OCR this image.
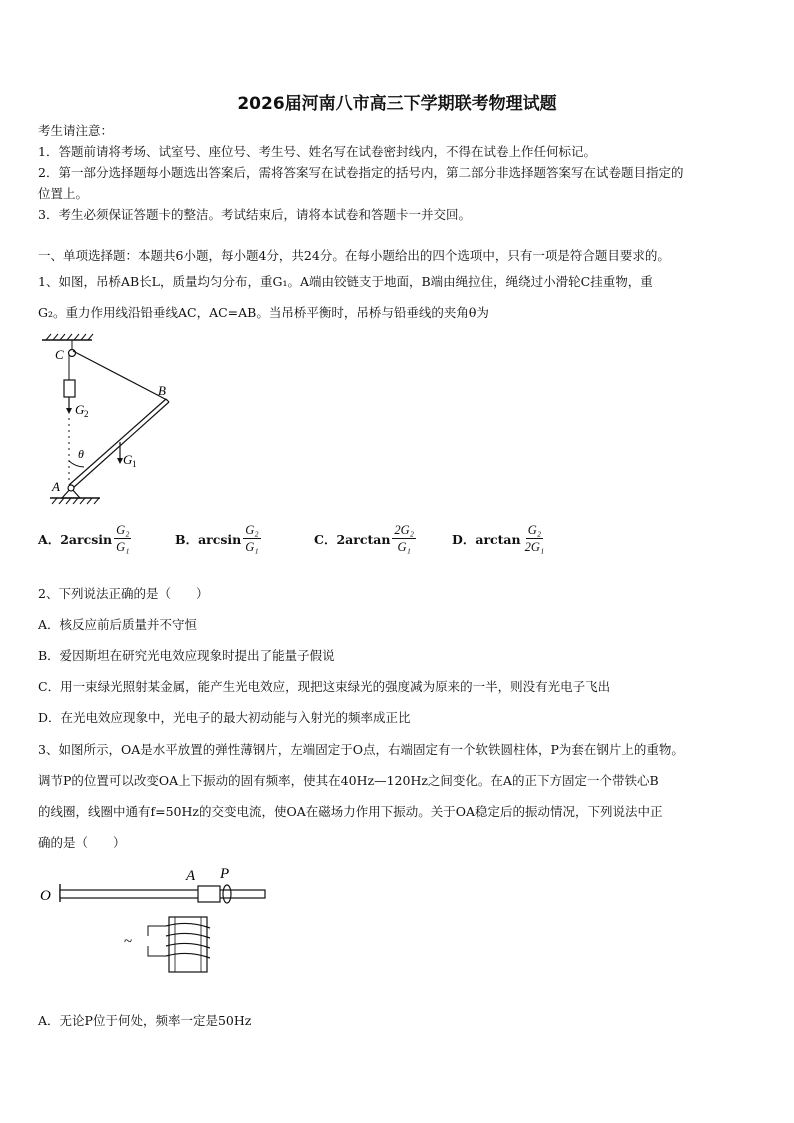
2026届河南八市高三下学期联考物理试题
考生请注意：
1．答题前请将考场、试室号、座位号、考生号、姓名写在试卷密封线内，不得在试卷上作任何标记。
2．第一部分选择题每小题选出答案后，需将答案写在试卷指定的括号内，第二部分非选择题答案写在试卷题目指定的
位置上。
3．考生必须保证答题卡的整洁。考试结束后，请将本试卷和答题卡一并交回。
一、单项选择题：本题共6小题，每小题4分，共24分。在每小题给出的四个选项中，只有一项是符合题目要求的。
1、如图，吊桥AB长L，质量均匀分布，重G₁。A端由铰链支于地面，B端由绳拉住，绳绕过小滑轮C挂重物，重
G₂。重力作用线沿铅垂线AC，AC=AB。当吊桥平衡时，吊桥与铅垂线的夹角θ为
C
B
A
G 2
G 1
θ
A．$2\arcsin \frac{\text{G₂}}{\text{G₁}}$	B．$\arcsin \frac{\text{G₂}}{\text{G₁}}$	C．$2\arctan \frac{\text{2G₂}}{\text{G₁}}$	D．$\arctan \frac{\text{G₂}}{\text{2G₁}}$
2、下列说法正确的是（　　）
A．核反应前后质量并不守恒
B．爱因斯坦在研究光电效应现象时提出了能量子假说
C．用一束绿光照射某金属，能产生光电效应，现把这束绿光的强度减为原来的一半，则没有光电子飞出
D．在光电效应现象中，光电子的最大初动能与入射光的频率成正比
3、如图所示，OA是水平放置的弹性薄钢片，左端固定于O点，右端固定有一个软铁圆柱体，P为套在钢片上的重物。
调节P的位置可以改变OA上下振动的固有频率，使其在40Hz—120Hz之间变化。在A的正下方固定一个带铁心B
的线圈，线圈中通有f=50Hz的交变电流，使OA在磁场力作用下振动。关于OA稳定后的振动情况，下列说法中正
确的是（　　）
O
A P
~
A．无论P位于何处，频率一定是50Hz
